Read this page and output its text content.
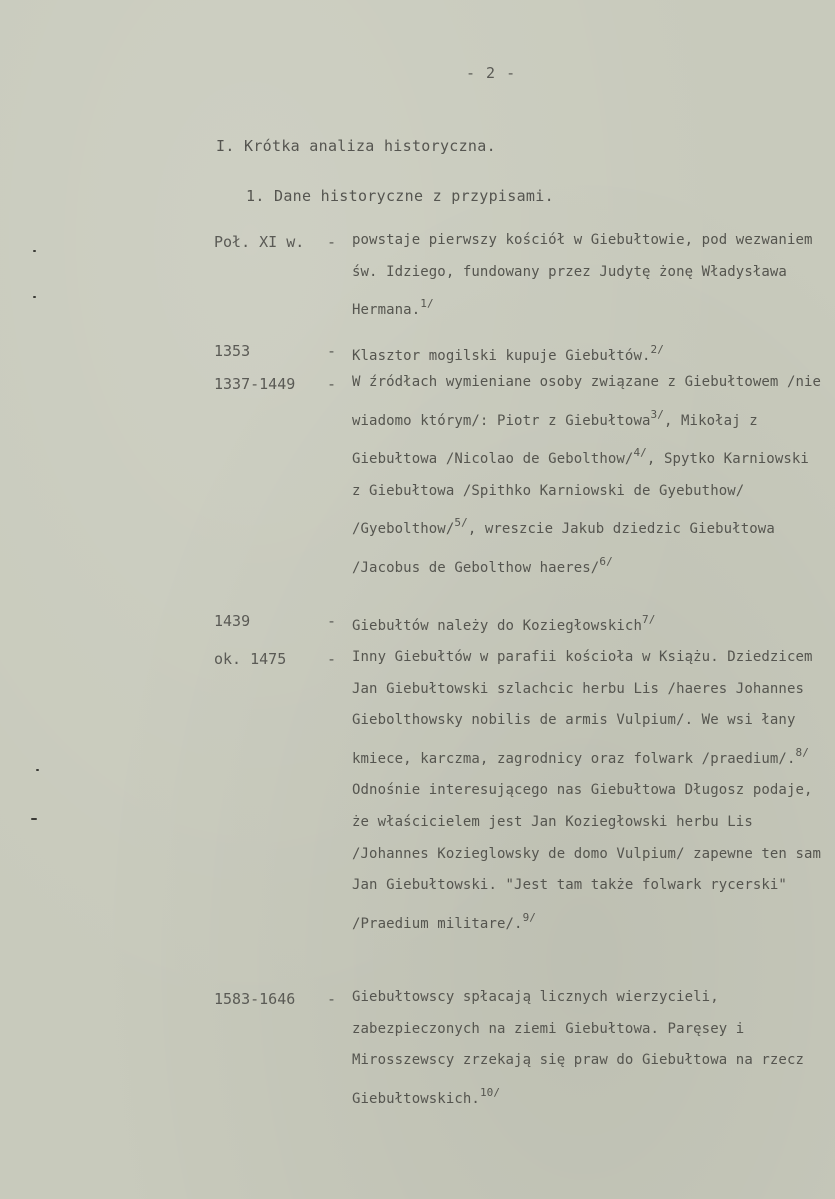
- 2 -
I. Krótka analiza historyczna.
1. Dane historyczne z przypisami.
Poł. XI w. - powstaje pierwszy kościół w Giebułtowie, pod wezwaniem św. Idziego, fundowany przez Judytę żonę Władysława Hermana.$^{1/}$
1353	- Klasztor mogilski kupuje Giebułtów.$^{2/}$
1337-1449 - W źródłach wymieniane osoby związane z Giebułtowem /nie wiadomo którym/: Piotr z Giebułtowa$^{3/}$, Mikołaj z Giebułtowa /Nicolao de Gebolthow/$^{4/}$, Spytko Karniowski z Giebułtowa /Spithko Karniowski de Gyebuthow/ /Gyebolthow/$^{5/}$, wreszcie Jakub dziedzic Giebułtowa /Jacobus de Gebolthow haeres/$^{6/}$
1439	- Giebułtów należy do Koziegłowskich$^{7/}$
ok. 1475	- Inny Giebułtów w parafii kościoła w Książu. Dziedzicem Jan Giebułtowski szlachcic herbu Lis /haeres Johannes Giebolthowsky nobilis de armis Vulpium/. We wsi łany kmiece, karczma, zagrodnicy oraz folwark /praedium/.$^{8/}$ Odnośnie interesującego nas Giebułtowa Długosz podaje, że właścicielem jest Jan Koziegłowski herbu Lis /Johannes Kozieglowsky de domo Vulpium/ zapewne ten sam Jan Giebułtowski. "Jest tam także folwark rycerski" /Praedium militare/.$^{9/}$
1583-1646 - Giebułtowscy spłacają licznych wierzycieli, zabezpieczonych na ziemi Giebułtowa. Paręsey i Mirosszewscy zrzekają się praw do Giebułtowa na rzecz Giebułtowskich.$^{10/}$
